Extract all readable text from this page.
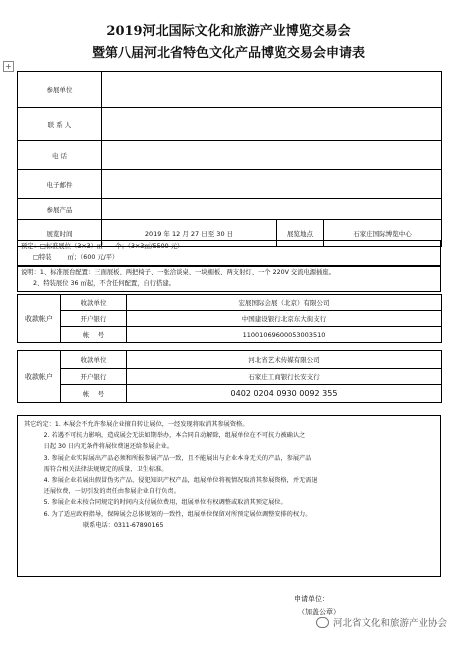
2019河北国际文化和旅游产业博览交易会
暨第八届河北省特色文化产品博览交易会申请表
+
参展单位			
联 系 人			
电 话			
电子邮件			
参展产品			
展览时间	2019 年 12 月 27 日至 30 日	展览地点	石家庄国际博览中心
预定：□标准展位（3×3）㎡      个；（3×3㎡/5500 元）
□特装        ㎡；（600 元/平）
说明：1、标准展台配置：三面展板、两把椅子、一张洽谈桌、一块楣板、两支射灯、一个 220V 交流电源插座。
2、特装展位 36 ㎡起，不含任何配置，自行搭建。
收款帐户	收款单位	宏展国际会展（北京）有限公司
	开户银行	中国建设银行北京东大街支行
	帐    号	11001069600053003510
收款帐户	收款单位	河北省艺术传媒有限公司
	开户银行	石家庄工商银行长安支行
	帐    号	0402 0204 0930 0092 355

其它约定：1. 本展会不允许参展企业擅自转让展位，一经发现将取消其参展资格。

2. 若遇不可抗力影响，造成展会无法如期举办，本合同自动解除，组展单位在不可抗力被确认之

日起 30 日内无条件将展位费退还给参展企业。

3. 参展企业实际展出产品必须和所报参展产品一致，且不能展出与企业本身无关的产品，参展产品

需符合相关法律法规规定的质量、卫生标准。

4. 参展企业若展出假冒伪劣产品、侵犯知识产权产品，组展单位将视情况取消其参展资格，并无需退

还展位费，一切引发的责任由参展企业自行负责。

5. 参展企业未按合同规定的时间内支付展位费用，组展单位有权调整或取消其预定展位。

6. 为了适应政府指导，保障展会总体规划的一致性，组展单位保留对所预定展位调整安排的权力。

联系电话：0311-67890165

申请单位：
（加盖公章）
河北省文化和旅游产业协会
